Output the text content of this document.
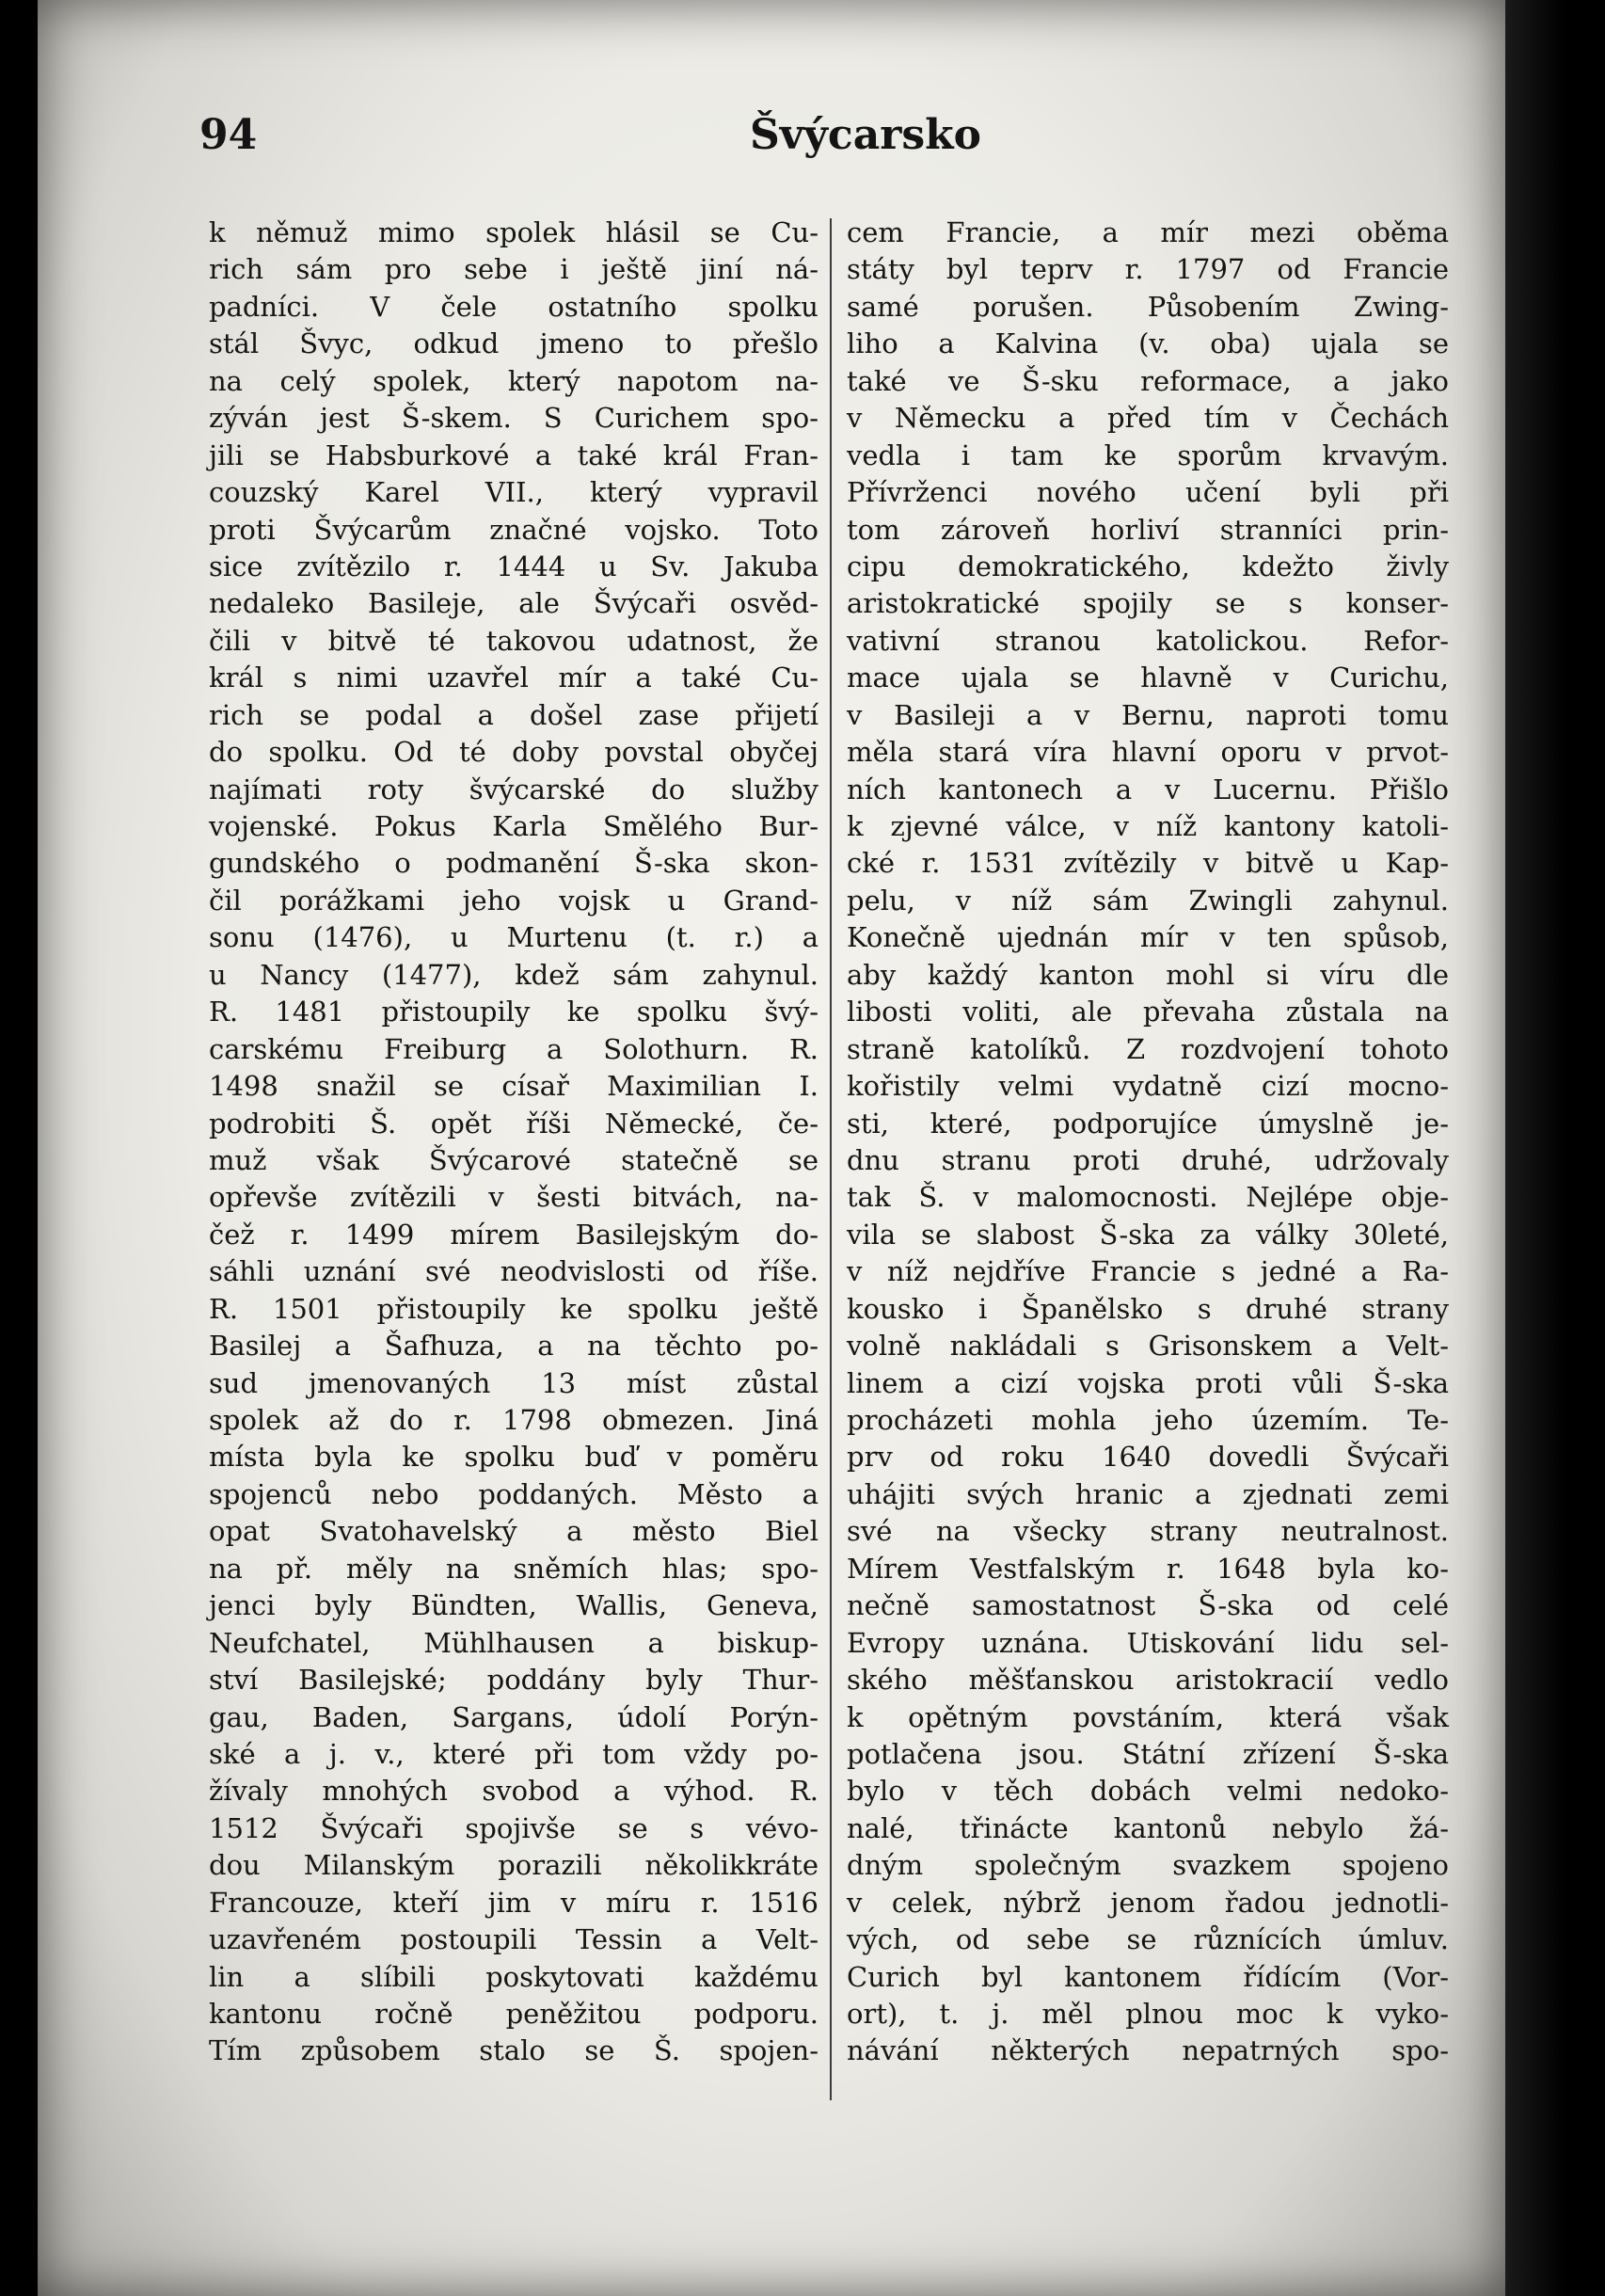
94	Švýcarsko
k němuž mimo spolek hlásil se Cu-
rich sám pro sebe i ještě jiní ná-
padníci. V čele ostatního spolku
stál Švyc, odkud jmeno to přešlo
na celý spolek, který napotom na-
zýván jest Š-skem. S Curichem spo-
jili se Habsburkové a také král Fran-
couzský Karel VII., který vypravil
proti Švýcarům značné vojsko. Toto
sice zvítězilo r. 1444 u Sv. Jakuba
nedaleko Basileje, ale Švýcaři osvěd-
čili v bitvě té takovou udatnost, že
král s nimi uzavřel mír a také Cu-
rich se podal a došel zase přijetí
do spolku. Od té doby povstal obyčej
najímati roty švýcarské do služby
vojenské. Pokus Karla Smělého Bur-
gundského o podmanění Š-ska skon-
čil porážkami jeho vojsk u Grand-
sonu (1476), u Murtenu (t. r.) a
u Nancy (1477), kdež sám zahynul.
R. 1481 přistoupily ke spolku švý-
carskému Freiburg a Solothurn. R.
1498 snažil se císař Maximilian I.
podrobiti Š. opět říši Německé, če-
muž však Švýcarové statečně se
opřevše zvítězili v šesti bitvách, na-
čež r. 1499 mírem Basilejským do-
sáhli uznání své neodvislosti od říše.
R. 1501 přistoupily ke spolku ještě
Basilej a Šafhuza, a na těchto po-
sud jmenovaných 13 míst zůstal
spolek až do r. 1798 obmezen. Jiná
místa byla ke spolku buď v poměru
spojenců nebo poddaných. Město a
opat Svatohavelský a město Biel
na př. měly na sněmích hlas; spo-
jenci byly Bündten, Wallis, Geneva,
Neufchatel, Mühlhausen a biskup-
ství Basilejské; poddány byly Thur-
gau, Baden, Sargans, údolí Porýn-
ské a j. v., které při tom vždy po-
žívaly mnohých svobod a výhod. R.
1512 Švýcaři spojivše se s vévo-
dou Milanským porazili několikkráte
Francouze, kteří jim v míru r. 1516
uzavřeném postoupili Tessin a Velt-
lin a slíbili poskytovati každému
kantonu ročně peněžitou podporu.
Tím způsobem stalo se Š. spojen-
cem Francie, a mír mezi oběma
státy byl teprv r. 1797 od Francie
samé porušen. Působením Zwing-
liho a Kalvina (v. oba) ujala se
také ve Š-sku reformace, a jako
v Německu a před tím v Čechách
vedla i tam ke sporům krvavým.
Přívrženci nového učení byli při
tom zároveň horliví stranníci prin-
cipu demokratického, kdežto živly
aristokratické spojily se s konser-
vativní stranou katolickou. Refor-
mace ujala se hlavně v Curichu,
v Basileji a v Bernu, naproti tomu
měla stará víra hlavní oporu v prvot-
ních kantonech a v Lucernu. Přišlo
k zjevné válce, v níž kantony katoli-
cké r. 1531 zvítězily v bitvě u Kap-
pelu, v níž sám Zwingli zahynul.
Konečně ujednán mír v ten spůsob,
aby každý kanton mohl si víru dle
libosti voliti, ale převaha zůstala na
straně katolíků. Z rozdvojení tohoto
kořistily velmi vydatně cizí mocno-
sti, které, podporujíce úmyslně je-
dnu stranu proti druhé, udržovaly
tak Š. v malomocnosti. Nejlépe obje-
vila se slabost Š-ska za války 30leté,
v níž nejdříve Francie s jedné a Ra-
kousko i Španělsko s druhé strany
volně nakládali s Grisonskem a Velt-
linem a cizí vojska proti vůli Š-ska
procházeti mohla jeho územím. Te-
prv od roku 1640 dovedli Švýcaři
uhájiti svých hranic a zjednati zemi
své na všecky strany neutralnost.
Mírem Vestfalským r. 1648 byla ko-
nečně samostatnost Š-ska od celé
Evropy uznána. Utiskování lidu sel-
ského měšťanskou aristokracií vedlo
k opětným povstáním, která však
potlačena jsou. Státní zřízení Š-ska
bylo v těch dobách velmi nedoko-
nalé, třinácte kantonů nebylo žá-
dným společným svazkem spojeno
v celek, nýbrž jenom řadou jednotli-
vých, od sebe se různících úmluv.
Curich byl kantonem řídícím (Vor-
ort), t. j. měl plnou moc k vyko-
návání některých nepatrných spo-
